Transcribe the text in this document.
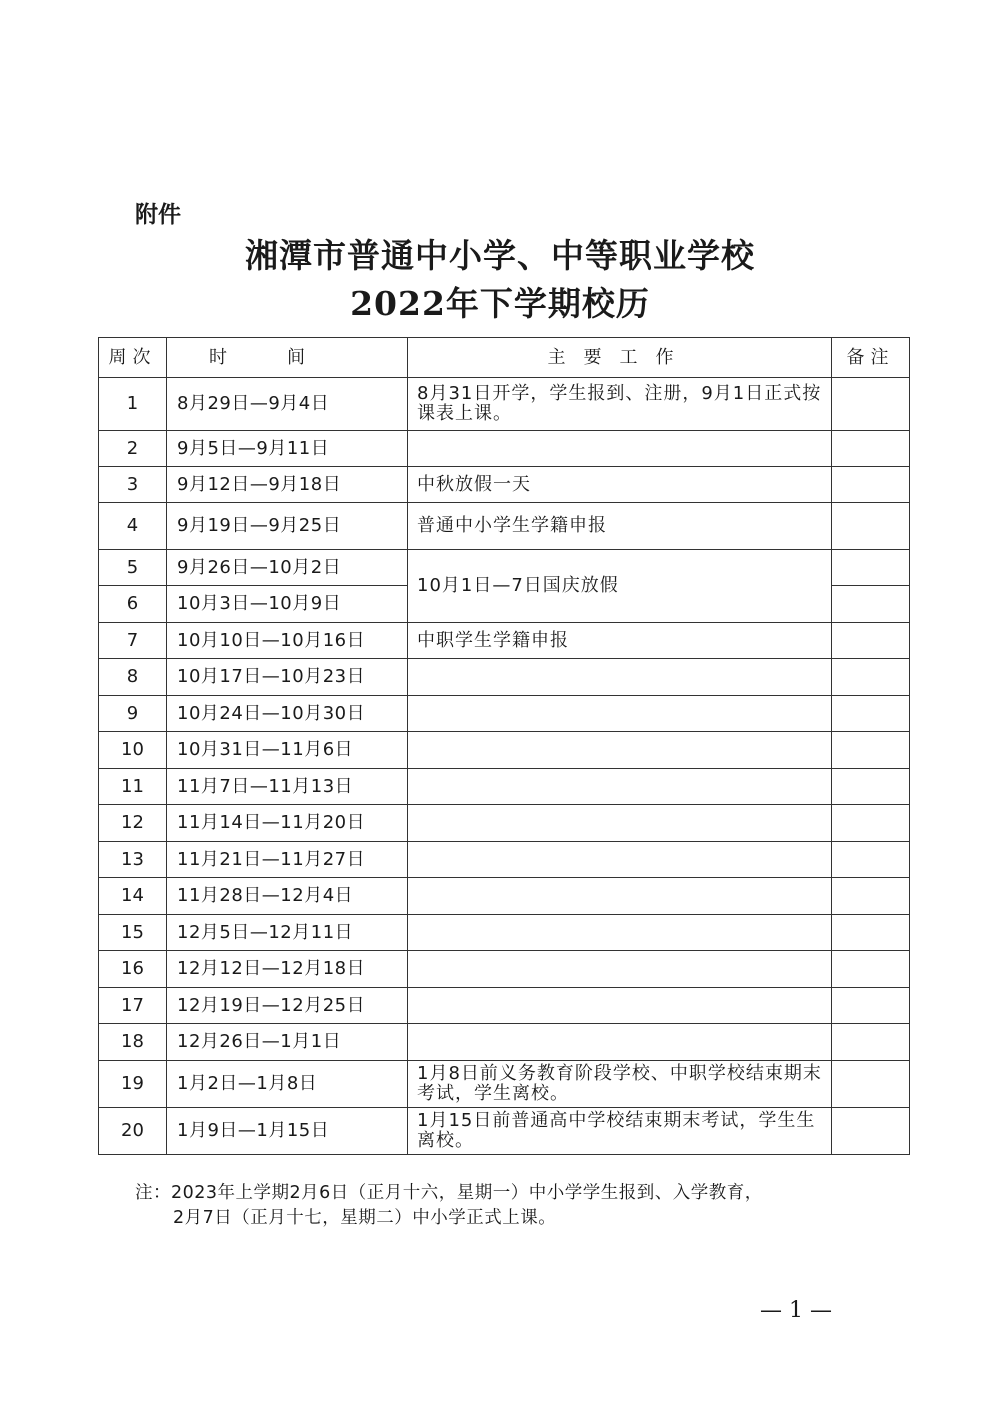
附件
湘潭市普通中小学、中等职业学校
2022年下学期校历
周次	时间	主要工作	备注
1	8月29日—9月4日	8月31日开学，学生报到、注册，9月1日正式按课表上课。	
2	9月5日—9月11日		
3	9月12日—9月18日	中秋放假一天	
4	9月19日—9月25日	普通中小学生学籍申报	
5	9月26日—10月2日	10月1日—7日国庆放假	
6	10月3日—10月9日		
7	10月10日—10月16日	中职学生学籍申报	
8	10月17日—10月23日		
9	10月24日—10月30日		
10	10月31日—11月6日		
11	11月7日—11月13日		
12	11月14日—11月20日		
13	11月21日—11月27日		
14	11月28日—12月4日		
15	12月5日—12月11日		
16	12月12日—12月18日		
17	12月19日—12月25日		
18	12月26日—1月1日		
19	1月2日—1月8日	1月8日前义务教育阶段学校、中职学校结束期末考试，学生离校。	
20	1月9日—1月15日	1月15日前普通高中学校结束期末考试，学生生离校。	
注：2023年上学期2月6日（正月十六，星期一）中小学学生报到、入学教育，
2月7日（正月十七，星期二）中小学正式上课。
— 1 —
